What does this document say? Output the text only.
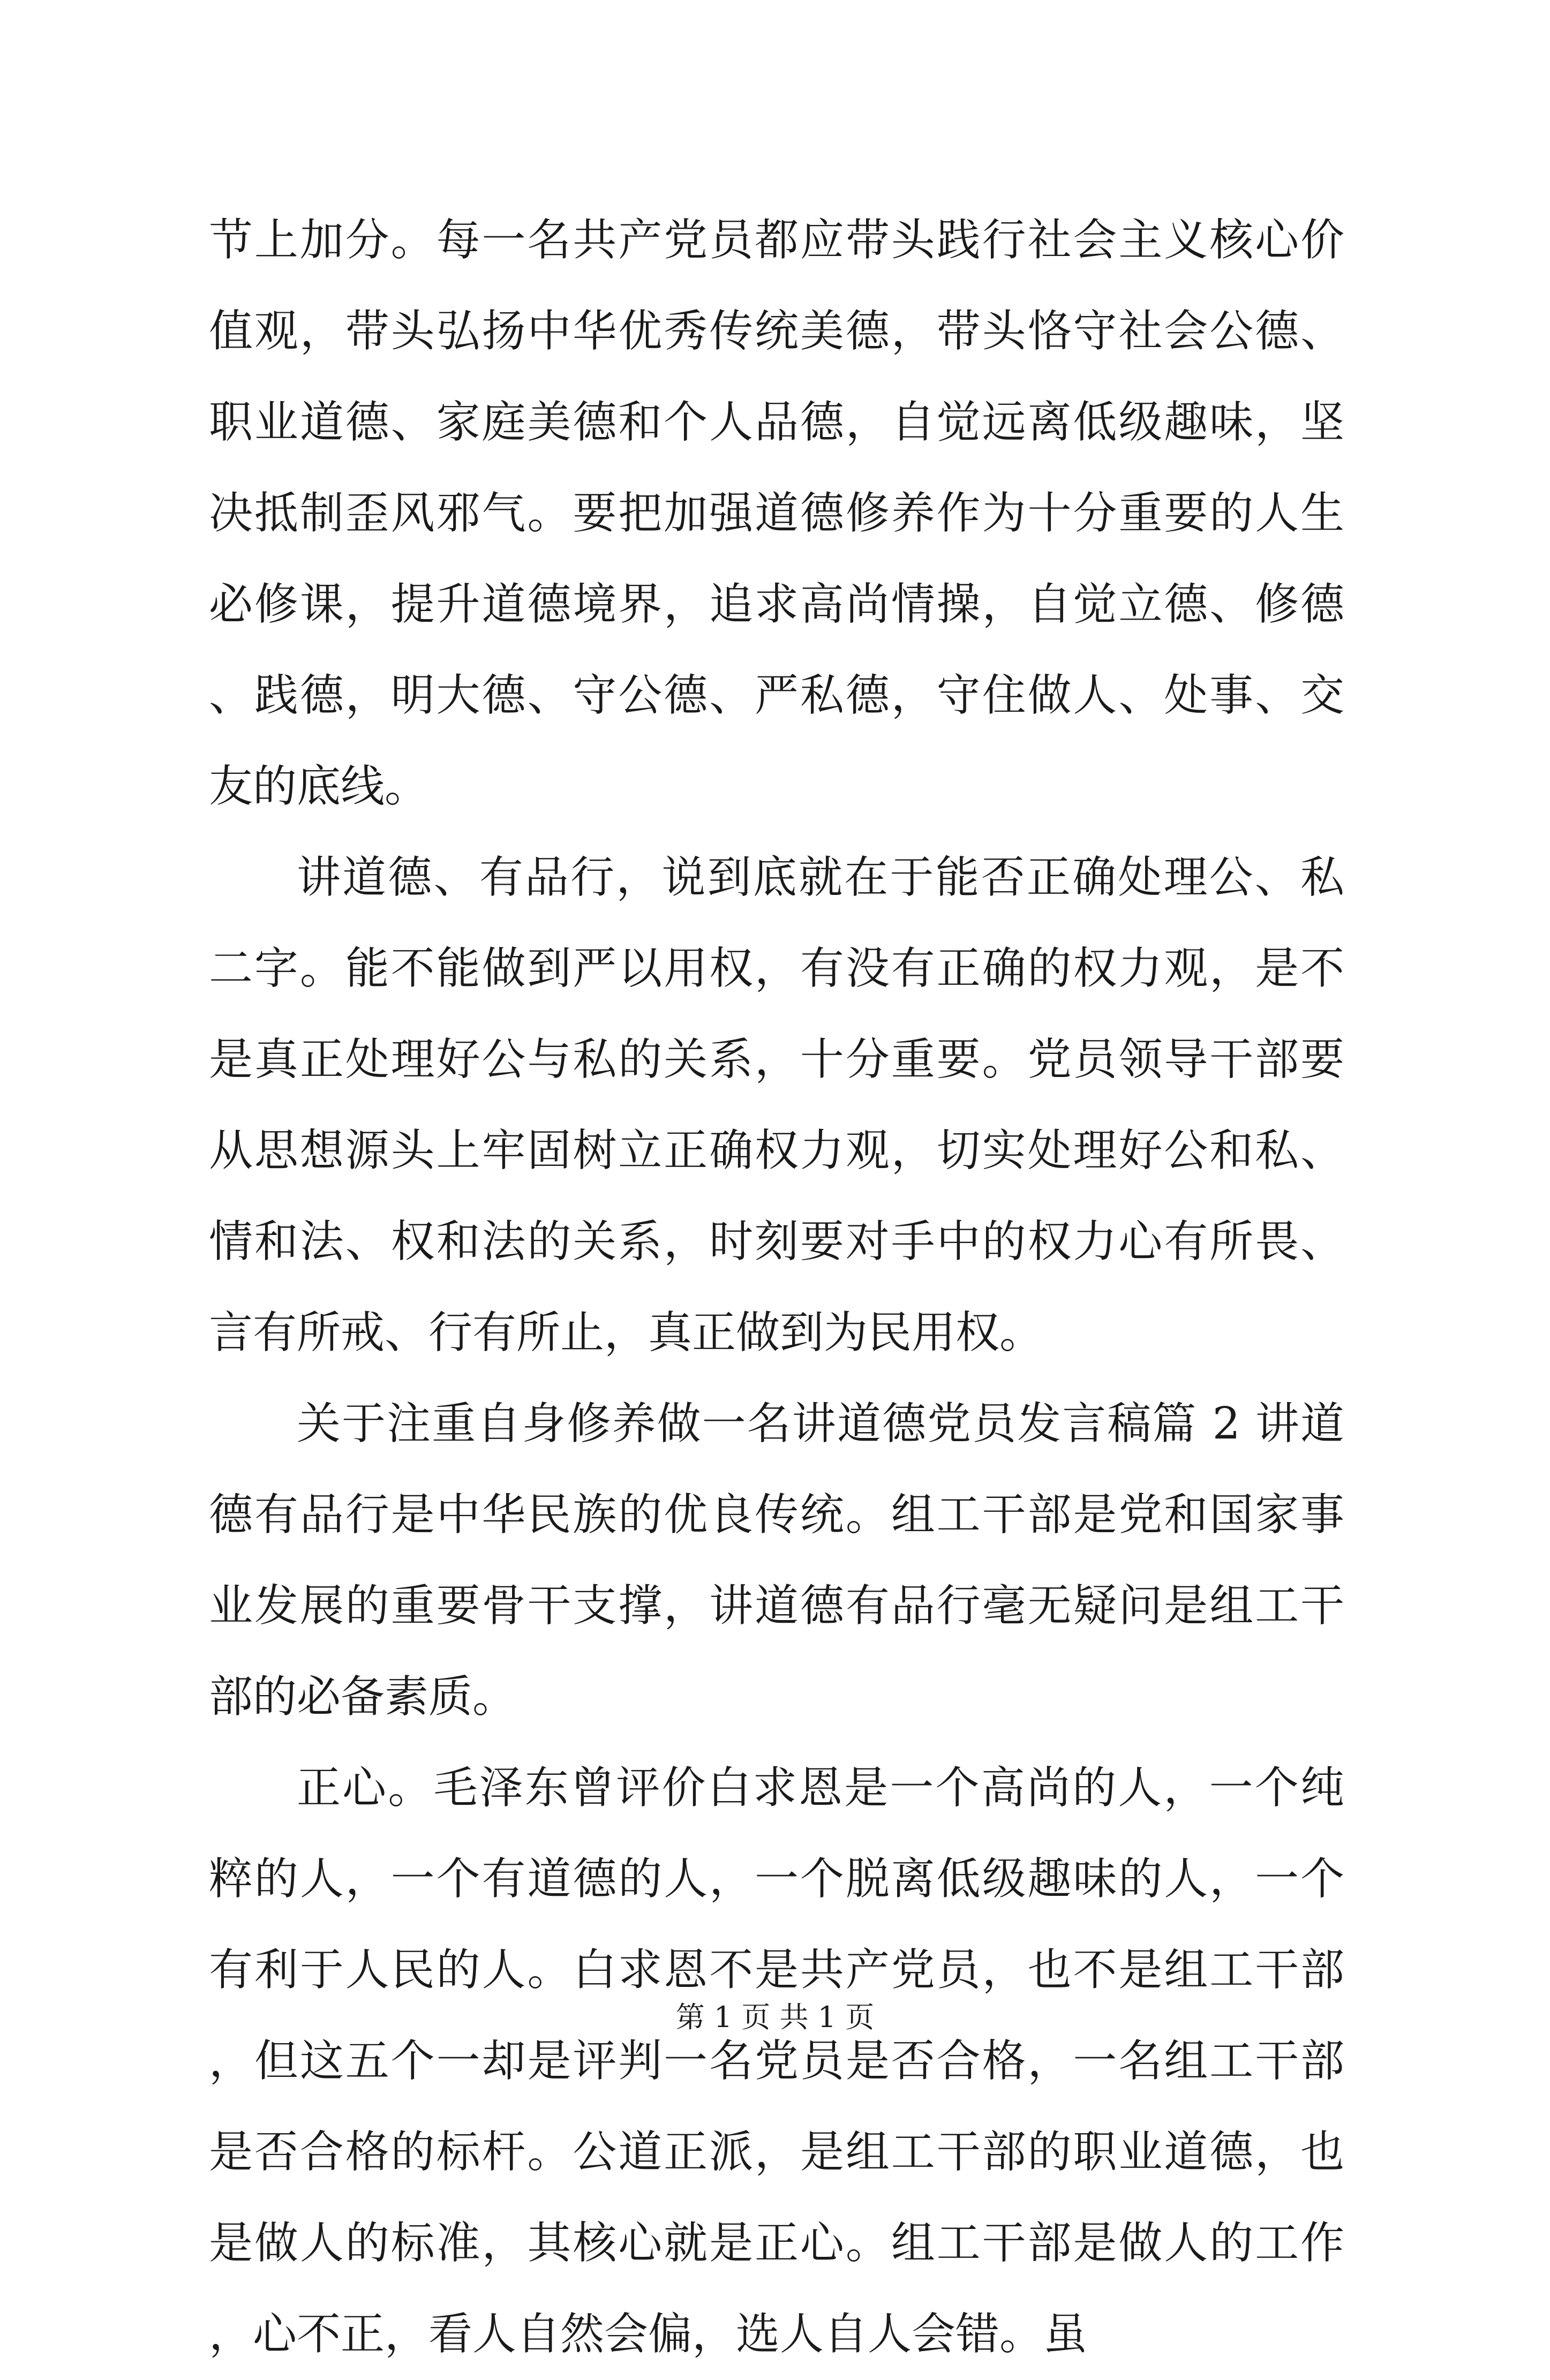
节上加分。每一名共产党员都应带头践行社会主义核心价值观，带头弘扬中华优秀传统美德，带头恪守社会公德、职业道德、家庭美德和个人品德，自觉远离低级趣味，坚决抵制歪风邪气。要把加强道德修养作为十分重要的人生必修课，提升道德境界，追求高尚情操，自觉立德、修德、践德，明大德、守公德、严私德，守住做人、处事、交友的底线。

讲道德、有品行，说到底就在于能否正确处理公、私二字。能不能做到严以用权，有没有正确的权力观，是不是真正处理好公与私的关系，十分重要。党员领导干部要从思想源头上牢固树立正确权力观，切实处理好公和私、情和法、权和法的关系，时刻要对手中的权力心有所畏、言有所戒、行有所止，真正做到为民用权。

关于注重自身修养做一名讲道德党员发言稿篇 2 讲道德有品行是中华民族的优良传统。组工干部是党和国家事业发展的重要骨干支撑，讲道德有品行毫无疑问是组工干部的必备素质。

正心。毛泽东曾评价白求恩是一个高尚的人，一个纯粹的人，一个有道德的人，一个脱离低级趣味的人，一个有利于人民的人。白求恩不是共产党员，也不是组工干部，但这五个一却是评判一名党员是否合格，一名组工干部是否合格的标杆。公道正派，是组工干部的职业道德，也是做人的标准，其核心就是正心。组工干部是做人的工作，心不正，看人自然会偏，选人自人会错。虽

第 1 页 共 1 页
